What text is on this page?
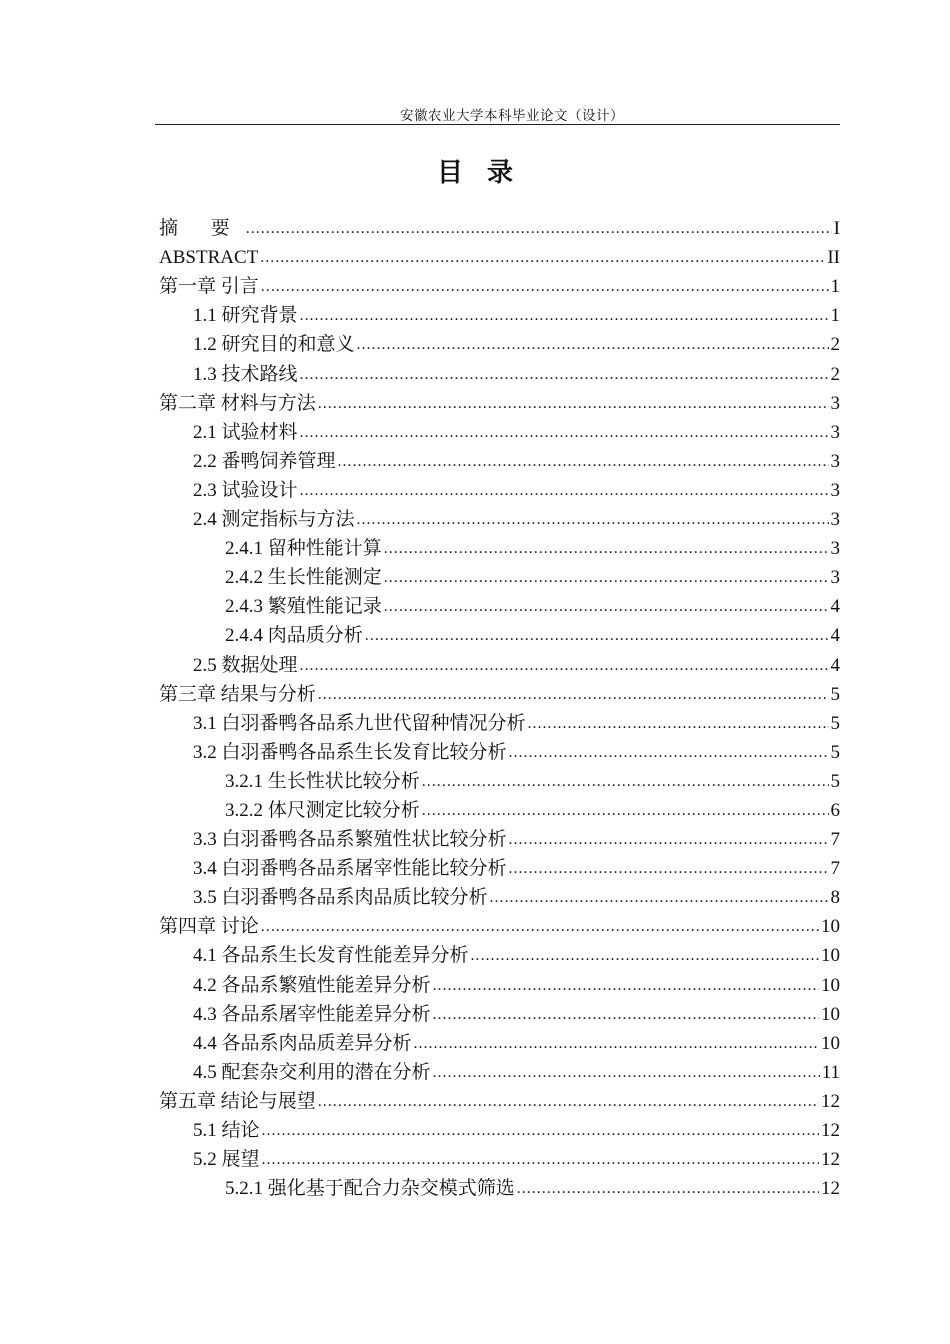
安徽农业大学本科毕业论文（设计）
目录
摘 要 .....	I
ABSTRACT .....	II
第一章 引言 .....	1
1.1 研究背景 .....	1
1.2 研究目的和意义 .....	2
1.3 技术路线 .....	2
第二章 材料与方法 .....	3
2.1 试验材料 .....	3
2.2 番鸭饲养管理 .....	3
2.3 试验设计 .....	3
2.4 测定指标与方法 .....	3
2.4.1 留种性能计算 .....	3
2.4.2 生长性能测定 .....	3
2.4.3 繁殖性能记录 .....	4
2.4.4 肉品质分析 .....	4
2.5 数据处理 .....	4
第三章 结果与分析 .....	5
3.1 白羽番鸭各品系九世代留种情况分析 .....	5
3.2 白羽番鸭各品系生长发育比较分析 .....	5
3.2.1 生长性状比较分析 .....	5
3.2.2 体尺测定比较分析 .....	6
3.3 白羽番鸭各品系繁殖性状比较分析 .....	7
3.4 白羽番鸭各品系屠宰性能比较分析 .....	7
3.5 白羽番鸭各品系肉品质比较分析 .....	8
第四章 讨论 .....	10
4.1 各品系生长发育性能差异分析 .....	10
4.2 各品系繁殖性能差异分析 .....	10
4.3 各品系屠宰性能差异分析 .....	10
4.4 各品系肉品质差异分析 .....	10
4.5 配套杂交利用的潜在分析 .....	11
第五章 结论与展望 .....	12
5.1 结论 .....	12
5.2 展望 .....	12
5.2.1 强化基于配合力杂交模式筛选 .....	12
